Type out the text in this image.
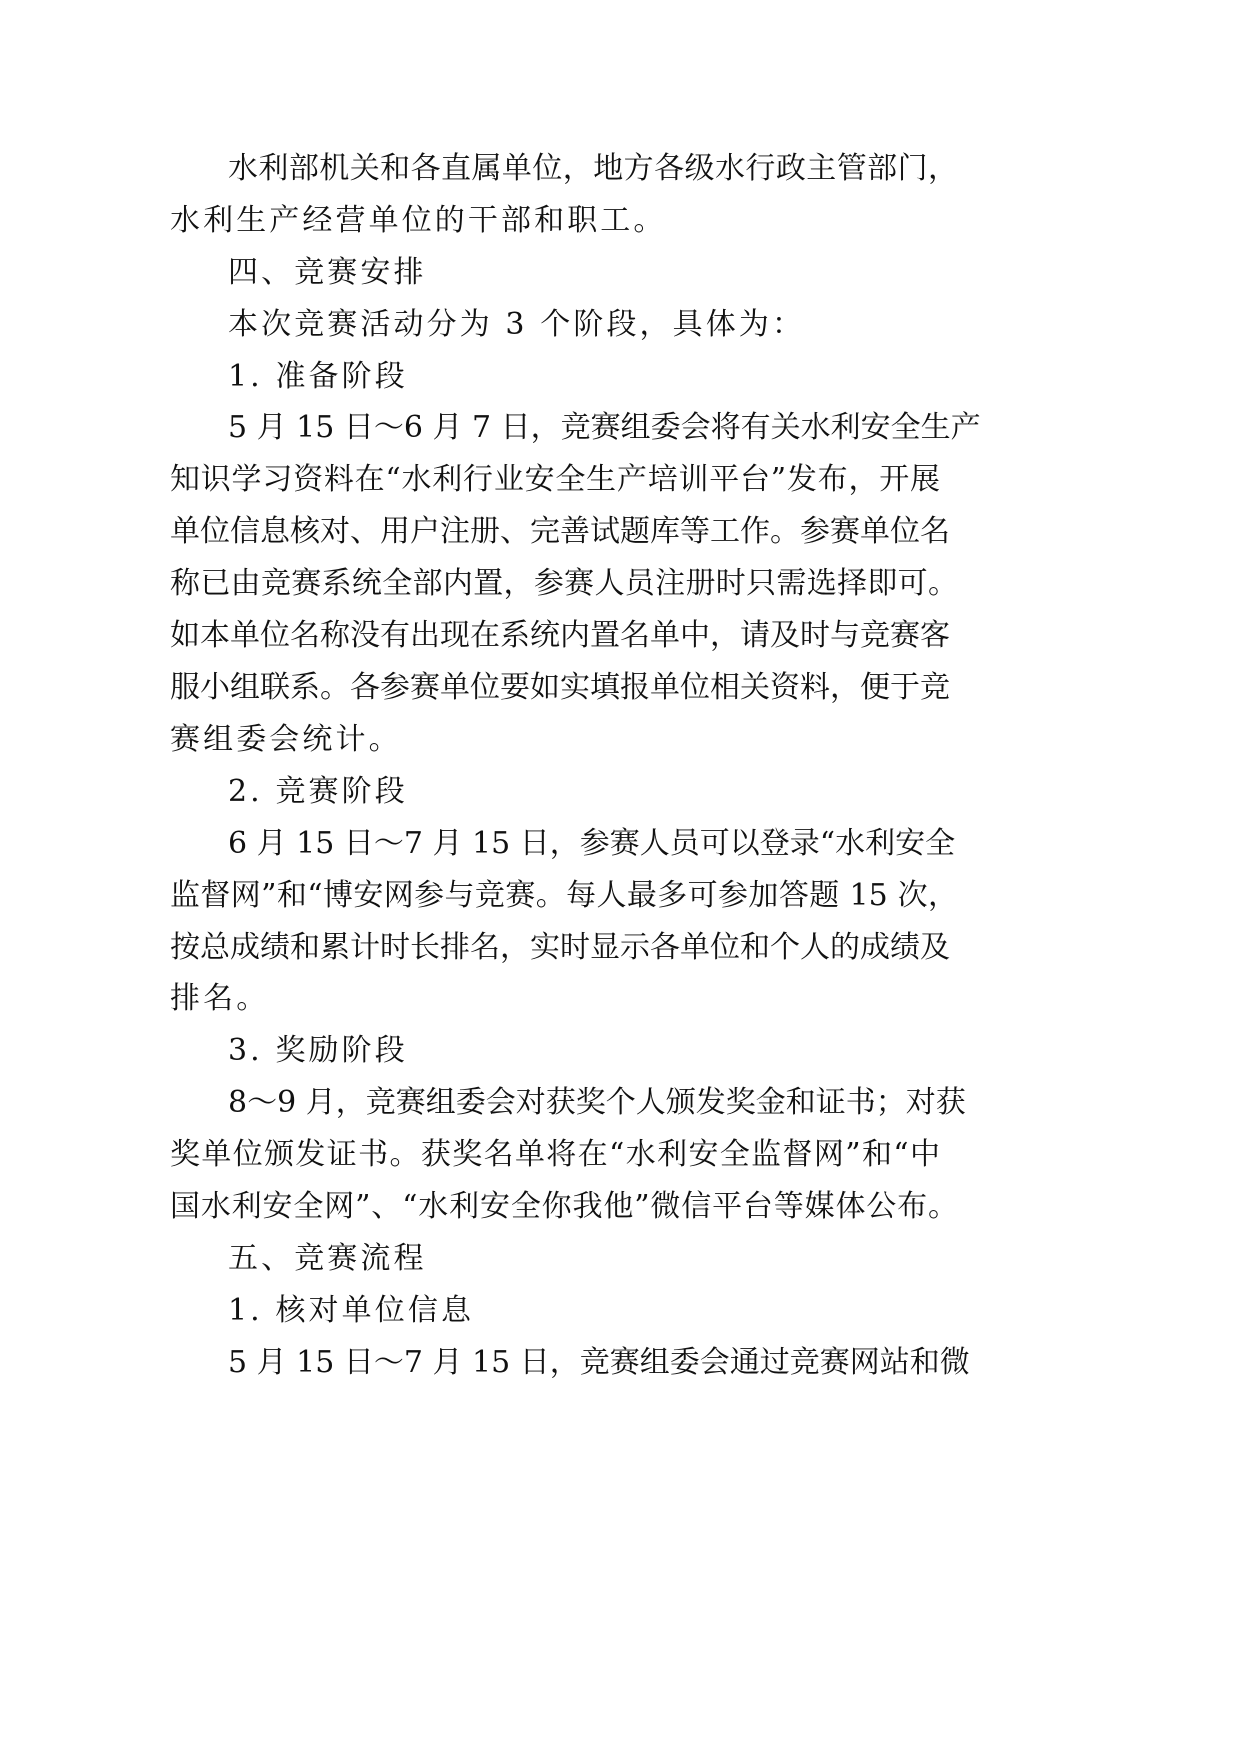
水利部机关和各直属单位，地方各级水行政主管部门，
水利生产经营单位的干部和职工。
四、竞赛安排
本次竞赛活动分为 3 个阶段，具体为：
1. 准备阶段
5 月 15 日～6 月 7 日，竞赛组委会将有关水利安全生产
知识学习资料在“水利行业安全生产培训平台”发布，开展
单位信息核对、用户注册、完善试题库等工作。参赛单位名
称已由竞赛系统全部内置，参赛人员注册时只需选择即可。
如本单位名称没有出现在系统内置名单中，请及时与竞赛客
服小组联系。各参赛单位要如实填报单位相关资料，便于竞
赛组委会统计。
2. 竞赛阶段
6 月 15 日～7 月 15 日，参赛人员可以登录“水利安全
监督网”和“博安网参与竞赛。每人最多可参加答题 15 次，
按总成绩和累计时长排名，实时显示各单位和个人的成绩及
排名。
3. 奖励阶段
8～9 月，竞赛组委会对获奖个人颁发奖金和证书；对获
奖单位颁发证书。获奖名单将在“水利安全监督网”和“中
国水利安全网”、“水利安全你我他”微信平台等媒体公布。
五、竞赛流程
1. 核对单位信息
5 月 15 日～7 月 15 日，竞赛组委会通过竞赛网站和微
